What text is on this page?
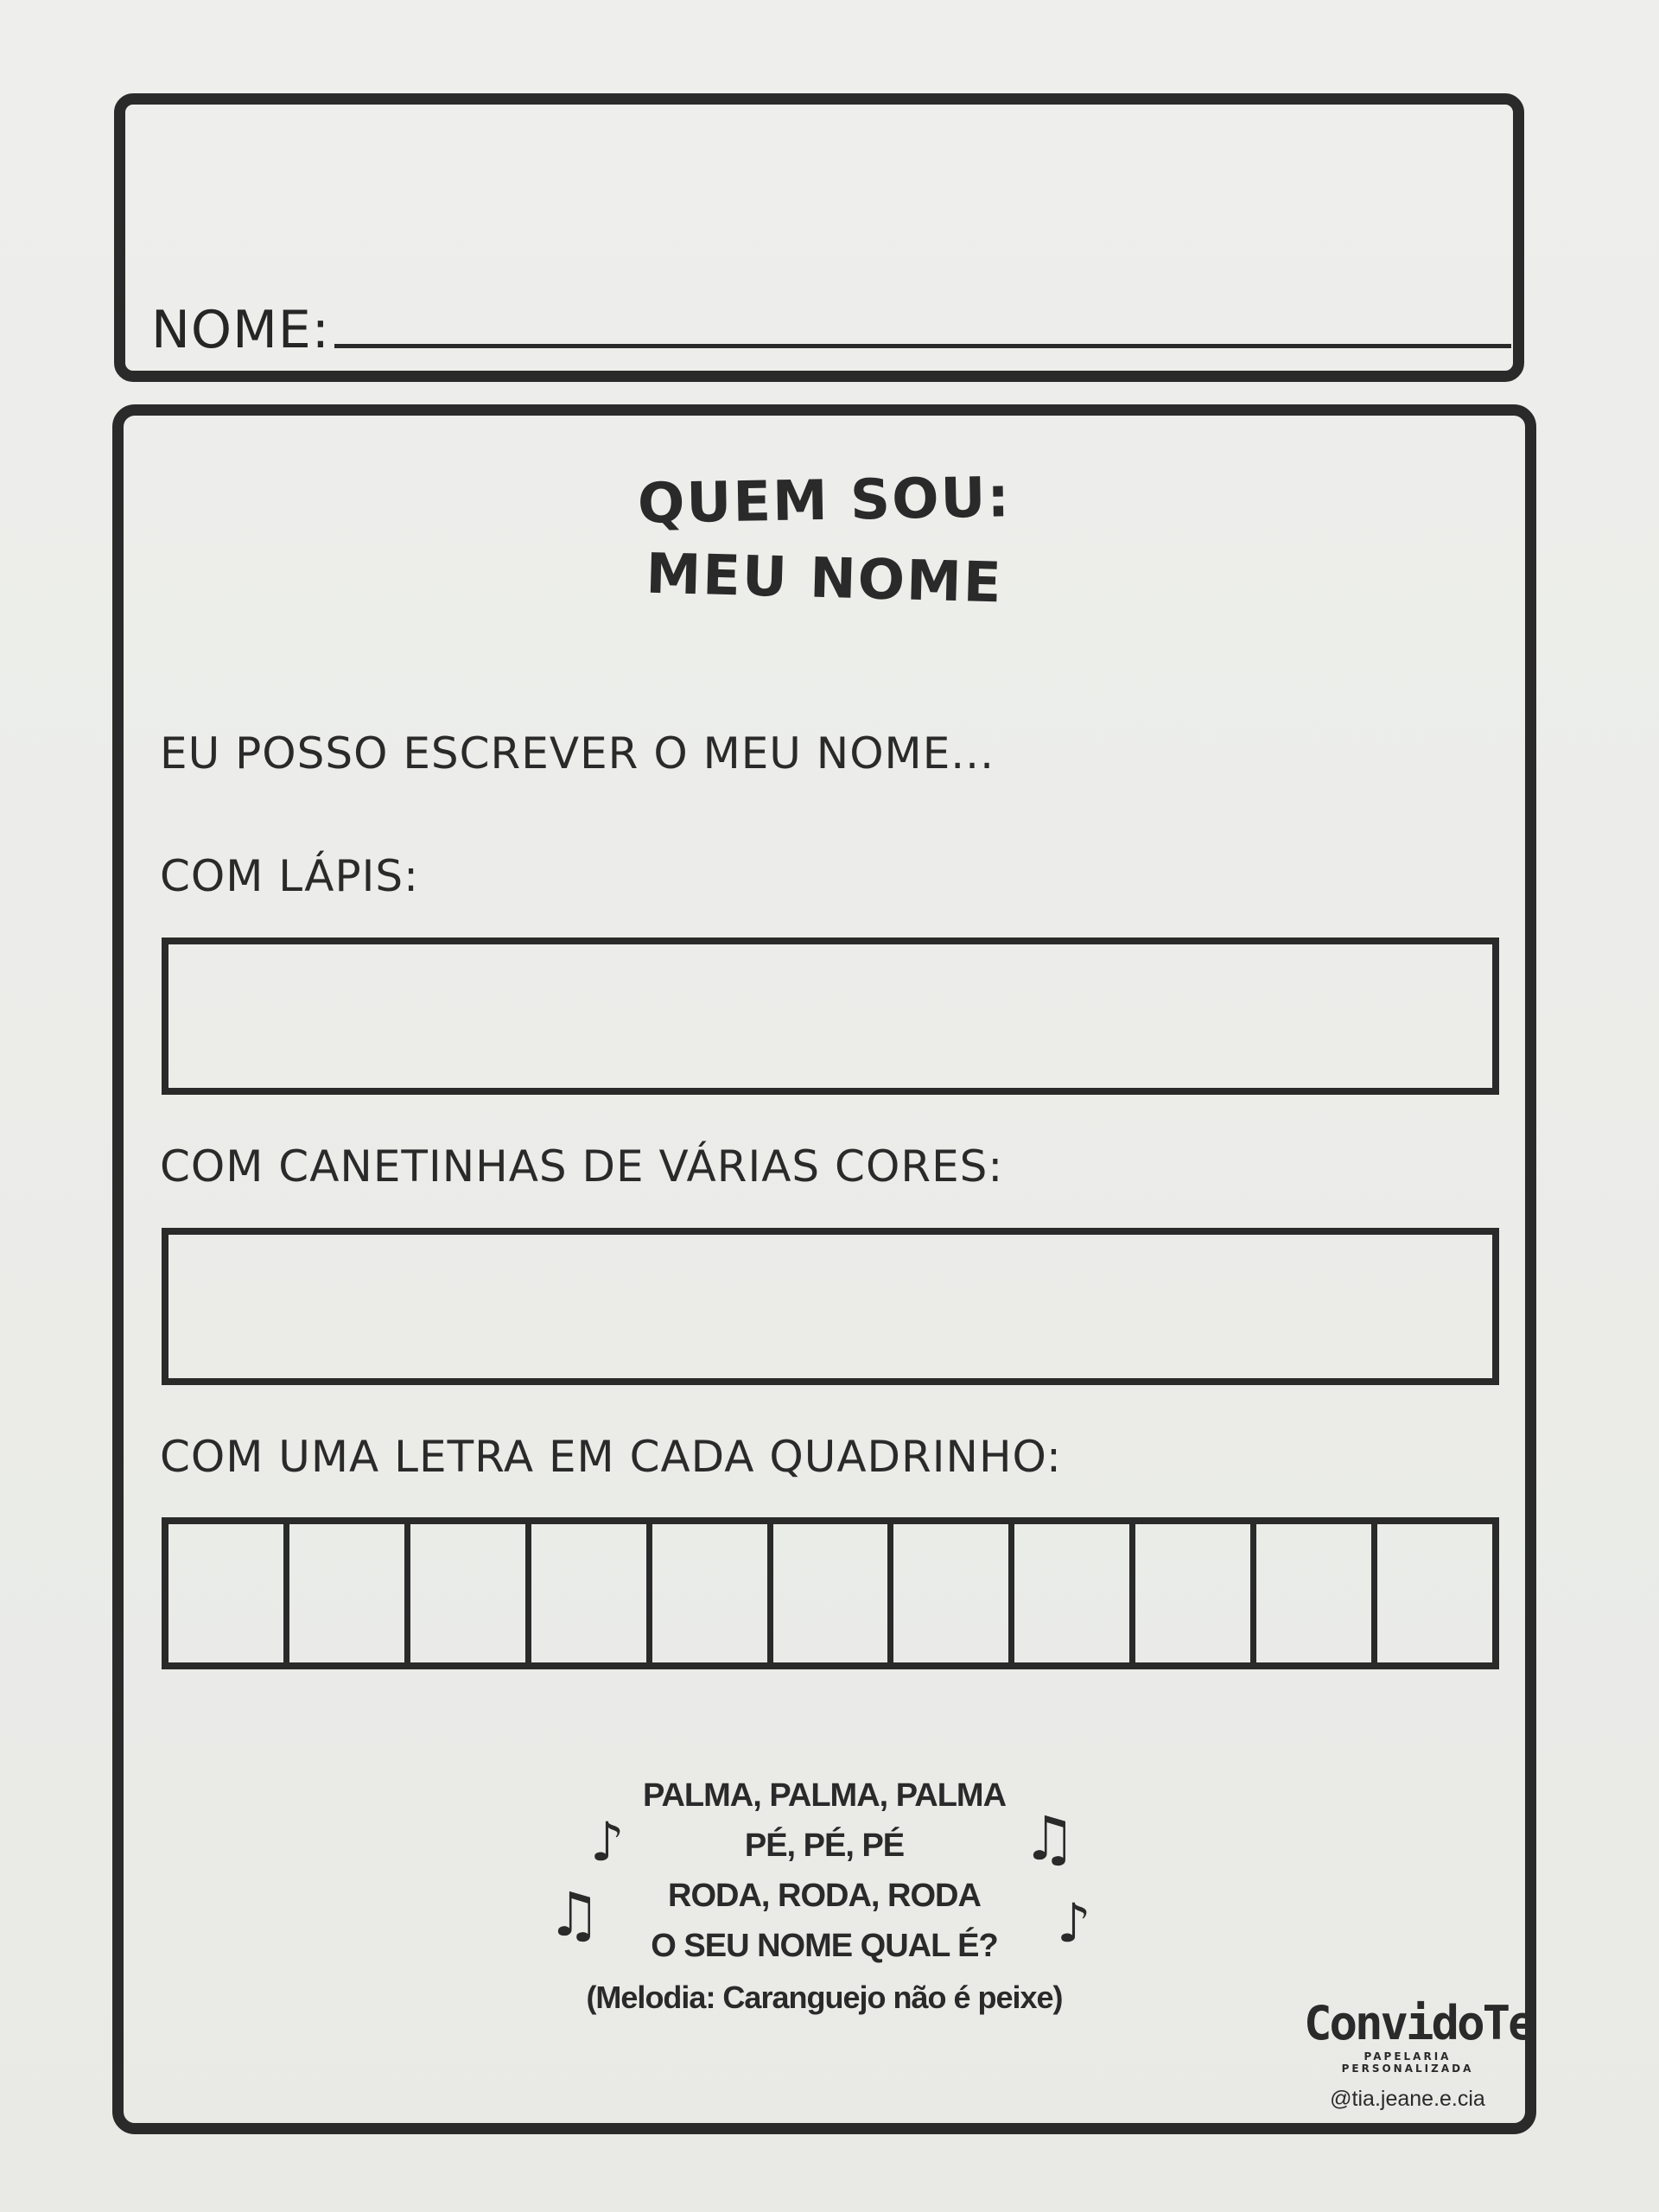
NOME:
QUEM SOU:
MEU NOME
EU POSSO ESCREVER O MEU NOME...
COM LÁPIS:
COM CANETINHAS DE VÁRIAS CORES:
COM UMA LETRA EM CADA QUADRINHO:
PALMA, PALMA, PALMA
PÉ, PÉ, PÉ
RODA, RODA, RODA
O SEU NOME QUAL É?
(Melodia: Caranguejo não é peixe)
♪
♫
♫
♪
ConvidoTe
PAPELARIA PERSONALIZADA
@tia.jeane.e.cia
